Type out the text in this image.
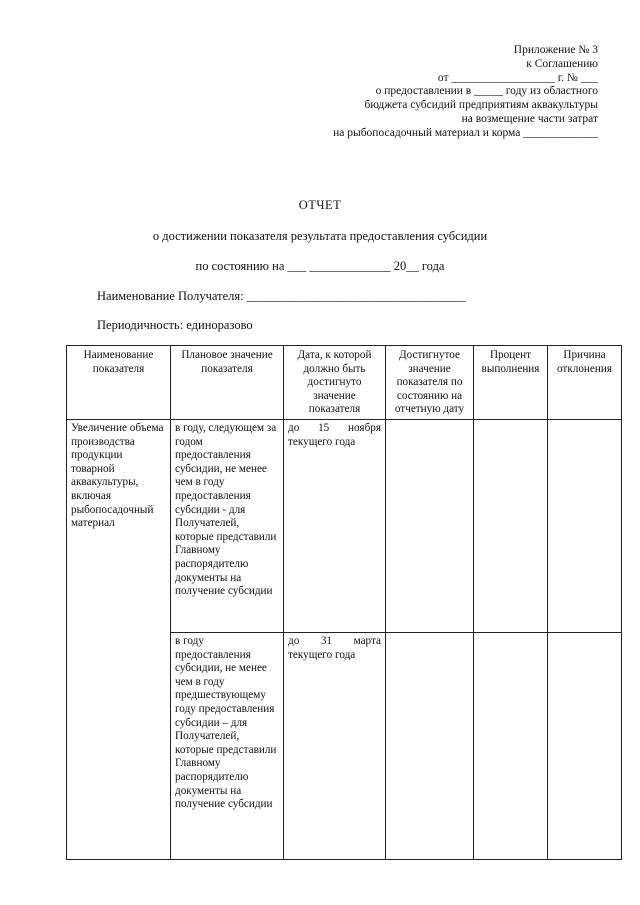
Приложение № 3
к Соглашению
от __________________ г. № ___
о предоставлении в _____ году из областного
бюджета субсидий предприятиям аквакультуры
на возмещение части затрат
на рыбопосадочный материал и корма _____________
ОТЧЕТ
о достижении показателя результата предоставления субсидии
по состоянию на ___ _____________ 20__ года
Наименование Получателя: ___________________________________
Периодичность: единоразово
Наименование показателя	Плановое значение показателя	Дата, к которой должно быть достигнуто значение показателя	Достигнутое значение показателя по состоянию на отчетную дату	Процент выполнения	Причина отклонения
Увеличение объема производства продукции товарной аквакультуры, включая рыбопосадочный материал	в году, следующем за годом предоставления субсидии, не менее чем в году предоставления субсидии - для Получателей, которые представили Главному распорядителю документы на получение субсидии	до 15 ноября текущего года			
	в году предоставления субсидии, не менее чем в году предшествующему году предоставления субсидии – для Получателей, которые представили Главному распорядителю документы на получение субсидии	до 31 марта текущего года			
